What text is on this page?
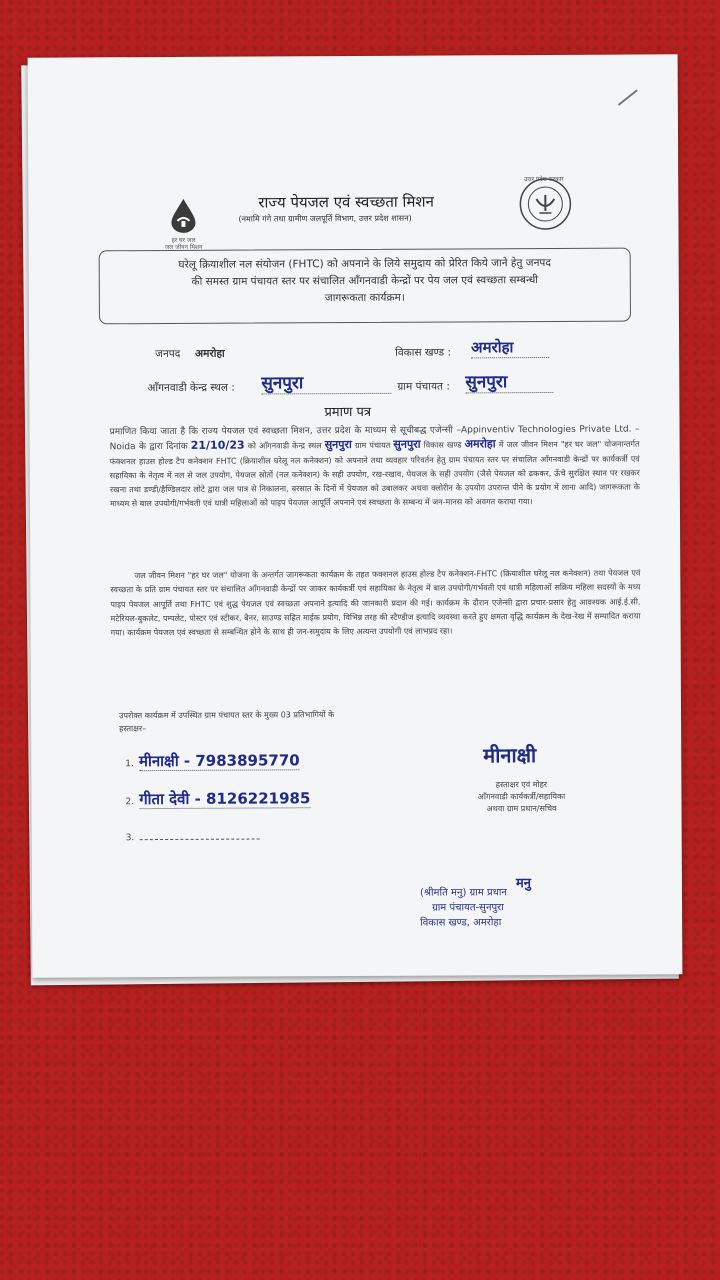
हर घर जल
जल जीवन मिशन
राज्य पेयजल एवं स्वच्छता मिशन
(नमामि गंगे तथा ग्रामीण जलपूर्ति विभाग, उत्तर प्रदेश शासन)
उत्तर प्रदेश सरकार
घरेलू क्रियाशील नल संयोजन (FHTC) को अपनाने के लिये समुदाय को प्रेरित किये जाने हेतु जनपद
की समस्त ग्राम पंचायत स्तर पर संचालित आँगनवाडी केन्द्रों पर पेय जल एवं स्वच्छता सम्बन्धी
जागरूकता कार्यक्रम।
जनपद अमरोहा	विकास खण्ड : अमरोहा
आँगनवाडी केन्द्र स्थल : सुनपुरा	ग्राम पंचायत : सुनपुरा
प्रमाण पत्र
प्रमाणित किया जाता है कि राज्य पेयजल एवं स्वच्छता मिशन, उत्तर प्रदेश के माध्यम से सूचीबद्ध एजेन्सी –Appinventiv Technologies Private Ltd. – Noida के द्वारा दिनांक 21/10/23 को आँगनवाडी केन्द्र स्थल सुनपुरा ग्राम पंचायत सुनपुरा विकास खण्ड अमरोहा में जल जीवन मिशन "हर घर जल" योजनान्तर्गत फंक्शनल हाउस होल्ड टैप कनेक्शन FHTC (क्रियाशील घरेलू नल कनेक्शन) को अपनाने तथा व्यवहार परिवर्तन हेतु ग्राम पंचायत स्तर पर संचालित आँगनवाडी केन्द्रों पर कार्यकर्त्री एवं सहायिका के नेतृत्व में नल से जल उपयोग, पेयजल स्रोतों (नल कनेक्शन) के सही उपयोग, रख-रखाव, पेयजल के सही उपयोग (जैसे पेयजल को ढककर, ऊँचे सुरक्षित स्थान पर रखकर रखना तथा डण्डी/हैण्डिलदार लोटे द्वारा जल पात्र से निकालना, बरसात के दिनों में पेयजल को उबालकर अथवा क्लोरीन के उपयोग उपरान्त पीने के प्रयोग में लाना आदि) जागरूकता के माध्यम से बाल उपयोगी/गर्भवती एवं धात्री महिलाओं को पाइप पेयजल आपूर्ति अपनाने एवं स्वच्छता के सम्बन्ध में जन-मानस को अवगत कराया गया।
जल जीवन मिशन "हर घर जल" योजना के अन्तर्गत जागरूकता कार्यक्रम के तहत फक्शनल हाउस होल्ड टैप कनेक्शन-FHTC (क्रियाशील घरेलू नल कनेक्शन) तथा पेयजल एवं स्वच्छता के प्रति ग्राम पंचायत स्तर पर संचालित आँगनवाडी केन्द्रों पर जाकर कार्यकर्त्री एवं सहायिका के नेतृत्व में बाल उपयोगी/गर्भवती एवं धात्री महिलाओं सक्रिय महिला सदस्यों के मध्य पाइप पेयजल आपूर्ति तथा FHTC एवं शुद्ध पेयजल एवं स्वच्छता अपनाने इत्यादि की जानकारी प्रदान की गई। कार्यक्रम के दौरान एजेन्सी द्वारा प्रचार-प्रसार हेतु आवश्यक आई.ई.सी. मटेरियल-बुकलेट, पम्पलेट, पोस्टर एवं स्टीकर, बैनर, साउण्ड सहित माईक प्रयोग, विभिन्न तरह की स्टैण्डीज इत्यादि व्यवस्था करते हुए क्षमता वृद्धि कार्यक्रम के देख-रेख में सम्पादित कराया गया। कार्यक्रम पेयजल एवं स्वच्छता से सम्बन्धित होने के साथ ही जन-समुदाय के लिए अत्यन्त उपयोगी एवं लाभप्रद रहा।
उपरोक्त कार्यक्रम में उपस्थित ग्राम पंचायत स्तर के मुख्य 03 प्रतिभागियों के
हस्ताक्षर–
1. मीनाक्षी - 7983895770
2. गीता देवी - 8126221985
3.
मीनाक्षी
हस्ताक्षर एवं मोहर
आँगनवाडी कार्यकर्त्री/सहायिका
अथवा ग्राम प्रधान/सचिव
मनु
(श्रीमति मनु) ग्राम प्रधान
ग्राम पंचायत-सुनपुरा
विकास खण्ड, अमरोहा
